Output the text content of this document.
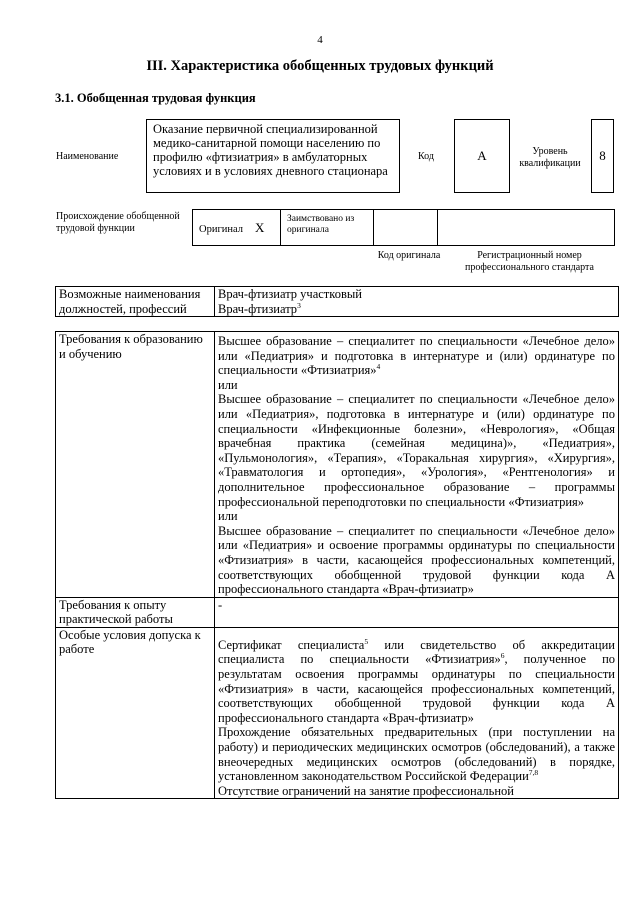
4
III. Характеристика обобщенных трудовых функций
3.1. Обобщенная трудовая функция
Наименование
Оказание первичной специализированной медико-санитарной помощи населению по профилю «фтизиатрия» в амбулаторных условиях и в условиях дневного стационара
Код	А	Уровень квалификации
8
Происхождение обобщенной трудовой функции	Оригинал X	Заимствовано из оригинала		
Код оригинала	Регистрационный номер профессионального стандарта
Возможные наименования должностей, профессий	
Врач-фтизиатр участковый
Врач-фтизиатр$^3$
Требования к образованию и обучению	Высшее образование – специалитет по специальности «Лечебное дело» или «Педиатрия» и подготовка в интернатуре и (или) ординатуре по специальности «Фтизиатрия»$^4$
или
Высшее образование – специалитет по специальности «Лечебное дело» или «Педиатрия», подготовка в интернатуре и (или) ординатуре по специальности «Инфекционные болезни», «Неврология», «Общая врачебная практика (семейная медицина)», «Педиатрия», «Пульмонология», «Терапия», «Торакальная хирургия», «Хирургия», «Травматология и ортопедия», «Урология», «Рентгенология» и дополнительное профессиональное образование – программы профессиональной переподготовки по специальности «Фтизиатрия»
или
Высшее образование – специалитет по специальности «Лечебное дело» или «Педиатрия» и освоение программы ординатуры по специальности «Фтизиатрия» в части, касающейся профессиональных компетенций, соответствующих обобщенной трудовой функции кода А профессионального стандарта «Врач-фтизиатр»

Требования к опыту практической работы	-
Особые условия допуска к работе	Сертификат специалиста$^5$ или свидетельство об аккредитации специалиста по специальности «Фтизиатрия»$^6$, полученное по результатам освоения программы ординатуры по специальности «Фтизиатрия» в части, касающейся профессиональных компетенций, соответствующих обобщенной трудовой функции кода А профессионального стандарта «Врач-фтизиатр»
Прохождение обязательных предварительных (при поступлении на работу) и периодических медицинских осмотров (обследований), а также внеочередных медицинских осмотров (обследований) в порядке, установленном законодательством Российской Федерации$^{7,8}$
Отсутствие ограничений на занятие профессиональной
